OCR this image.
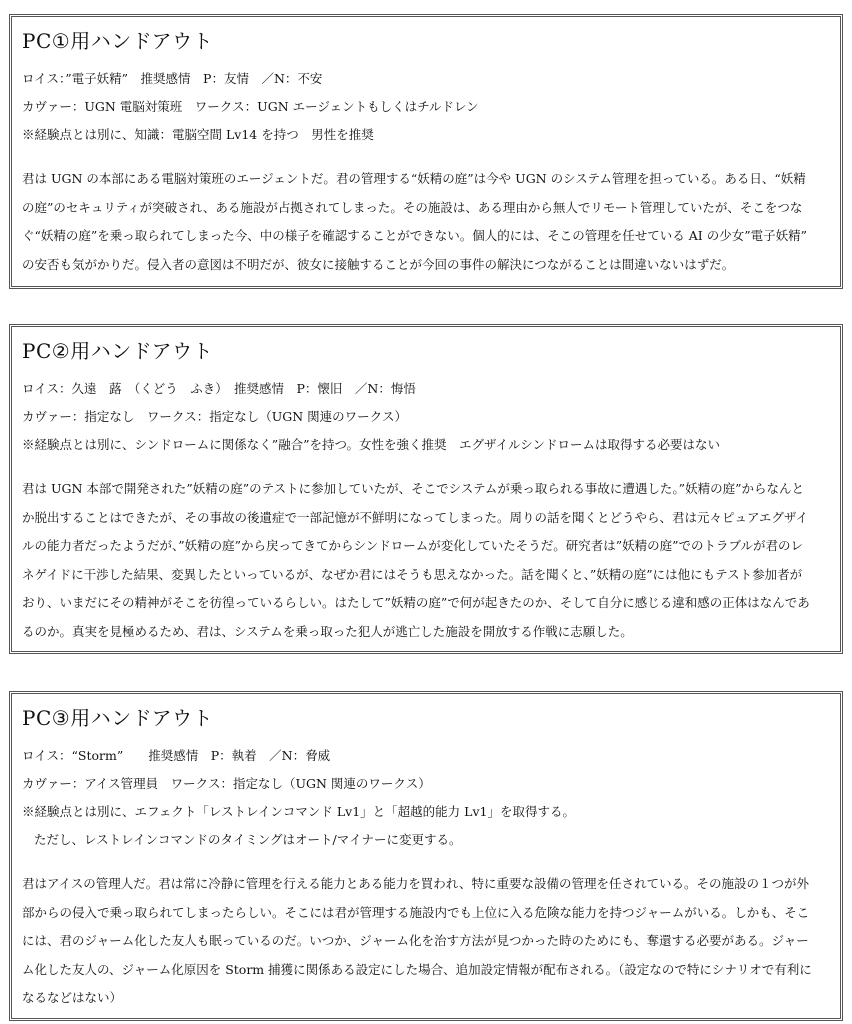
PC①用ハンドアウト
ロイス：”電子妖精”　推奨感情　P：友情　／N：不安
カヴァー：UGN 電脳対策班　ワークス：UGN エージェントもしくはチルドレン
※経験点とは別に、知識：電脳空間 Lv14 を持つ　男性を推奨
君は UGN の本部にある電脳対策班のエージェントだ。君の管理する“妖精の庭”は今や UGN のシステム管理を担っている。ある日、“妖精
の庭”のセキュリティが突破され、ある施設が占拠されてしまった。その施設は、ある理由から無人でリモート管理していたが、そこをつな
ぐ“妖精の庭”を乗っ取られてしまった今、中の様子を確認することができない。個人的には、そこの管理を任せている AI の少女”電子妖精”
の安否も気がかりだ。侵入者の意図は不明だが、彼女に接触することが今回の事件の解決につながることは間違いないはずだ。
PC②用ハンドアウト
ロイス：久遠　蕗　（くどう　ふき）　推奨感情　P：懐旧　／N：悔悟
カヴァー：指定なし　ワークス：指定なし（UGN 関連のワークス）
※経験点とは別に、シンドロームに関係なく”融合”を持つ。女性を強く推奨　エグザイルシンドロームは取得する必要はない
君は UGN 本部で開発された”妖精の庭”のテストに参加していたが、そこでシステムが乗っ取られる事故に遭遇した。”妖精の庭”からなんと
か脱出することはできたが、その事故の後遺症で一部記憶が不鮮明になってしまった。周りの話を聞くとどうやら、君は元々ピュアエグザイ
ルの能力者だったようだが、”妖精の庭”から戻ってきてからシンドロームが変化していたそうだ。研究者は”妖精の庭”でのトラブルが君のレ
ネゲイドに干渉した結果、変異したといっているが、なぜか君にはそうも思えなかった。話を聞くと、”妖精の庭”には他にもテスト参加者が
おり、いまだにその精神がそこを彷徨っているらしい。はたして”妖精の庭”で何が起きたのか、そして自分に感じる違和感の正体はなんであ
るのか。真実を見極めるため、君は、システムを乗っ取った犯人が逃亡した施設を開放する作戦に志願した。
PC③用ハンドアウト
ロイス：“Storm”　　推奨感情　P：執着　／N：脅威
カヴァー：アイス管理員　ワークス：指定なし（UGN 関連のワークス）
※経験点とは別に、エフェクト「レストレインコマンド Lv1」と「超越的能力 Lv1」を取得する。
ただし、レストレインコマンドのタイミングはオート/マイナーに変更する。
君はアイスの管理人だ。君は常に冷静に管理を行える能力とある能力を買われ、特に重要な設備の管理を任されている。その施設の１つが外
部からの侵入で乗っ取られてしまったらしい。そこには君が管理する施設内でも上位に入る危険な能力を持つジャームがいる。しかも、そこ
には、君のジャーム化した友人も眠っているのだ。いつか、ジャーム化を治す方法が見つかった時のためにも、奪還する必要がある。ジャー
ム化した友人の、ジャーム化原因を Storm 捕獲に関係ある設定にした場合、追加設定情報が配布される。（設定なので特にシナリオで有利に
なるなどはない）
